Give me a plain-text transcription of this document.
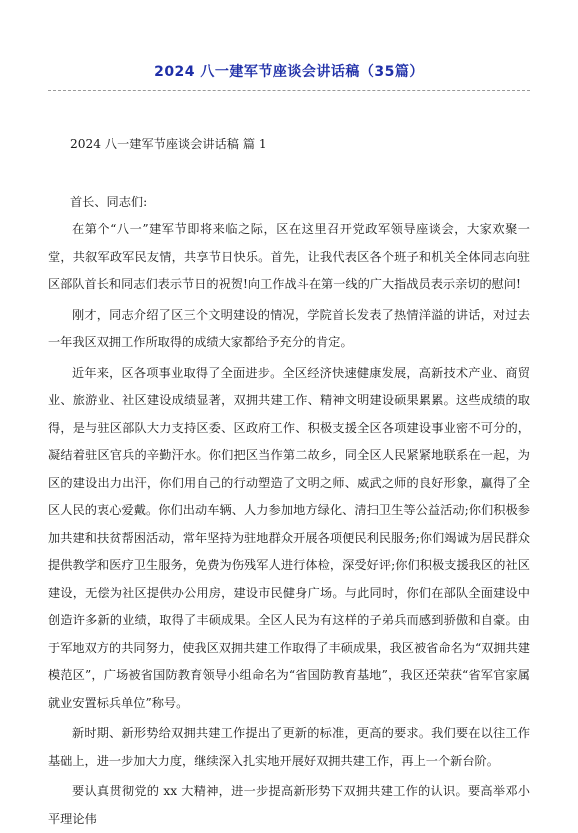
2024 八一建军节座谈会讲话稿（35篇）
2024 八一建军节座谈会讲话稿 篇 1

首长、同志们:

在第个“八一”建军节即将来临之际，区在这里召开党政军领导座谈会，大家欢聚一堂，共叙军政军民友情，共享节日快乐。首先，让我代表区各个班子和机关全体同志向驻区部队首长和同志们表示节日的祝贺!向工作战斗在第一线的广大指战员表示亲切的慰问!

刚才，同志介绍了区三个文明建设的情况，学院首长发表了热情洋溢的讲话，对过去一年我区双拥工作所取得的成绩大家都给予充分的肯定。

近年来，区各项事业取得了全面进步。全区经济快速健康发展，高新技术产业、商贸业、旅游业、社区建设成绩显著，双拥共建工作、精神文明建设硕果累累。这些成绩的取得，是与驻区部队大力支持区委、区政府工作、积极支援全区各项建设事业密不可分的，凝结着驻区官兵的辛勤汗水。你们把区当作第二故乡，同全区人民紧紧地联系在一起，为区的建设出力出汗，你们用自己的行动塑造了文明之师、威武之师的良好形象，赢得了全区人民的衷心爱戴。你们出动车辆、人力参加地方绿化、清扫卫生等公益活动;你们积极参加共建和扶贫帮困活动，常年坚持为驻地群众开展各项便民利民服务;你们竭诚为居民群众提供教学和医疗卫生服务，免费为伤残军人进行体检，深受好评;你们积极支援我区的社区建设，无偿为社区提供办公用房，建设市民健身广场。与此同时，你们在部队全面建设中创造许多新的业绩，取得了丰硕成果。全区人民为有这样的子弟兵而感到骄傲和自豪。由于军地双方的共同努力，使我区双拥共建工作取得了丰硕成果，我区被省命名为“双拥共建模范区”，广场被省国防教育领导小组命名为“省国防教育基地”，我区还荣获“省军官家属就业安置标兵单位”称号。

新时期、新形势给双拥共建工作提出了更新的标准，更高的要求。我们要在以往工作基础上，进一步加大力度，继续深入扎实地开展好双拥共建工作，再上一个新台阶。

要认真贯彻党的 xx 大精神，进一步提高新形势下双拥共建工作的认识。要高举邓小平理论伟
